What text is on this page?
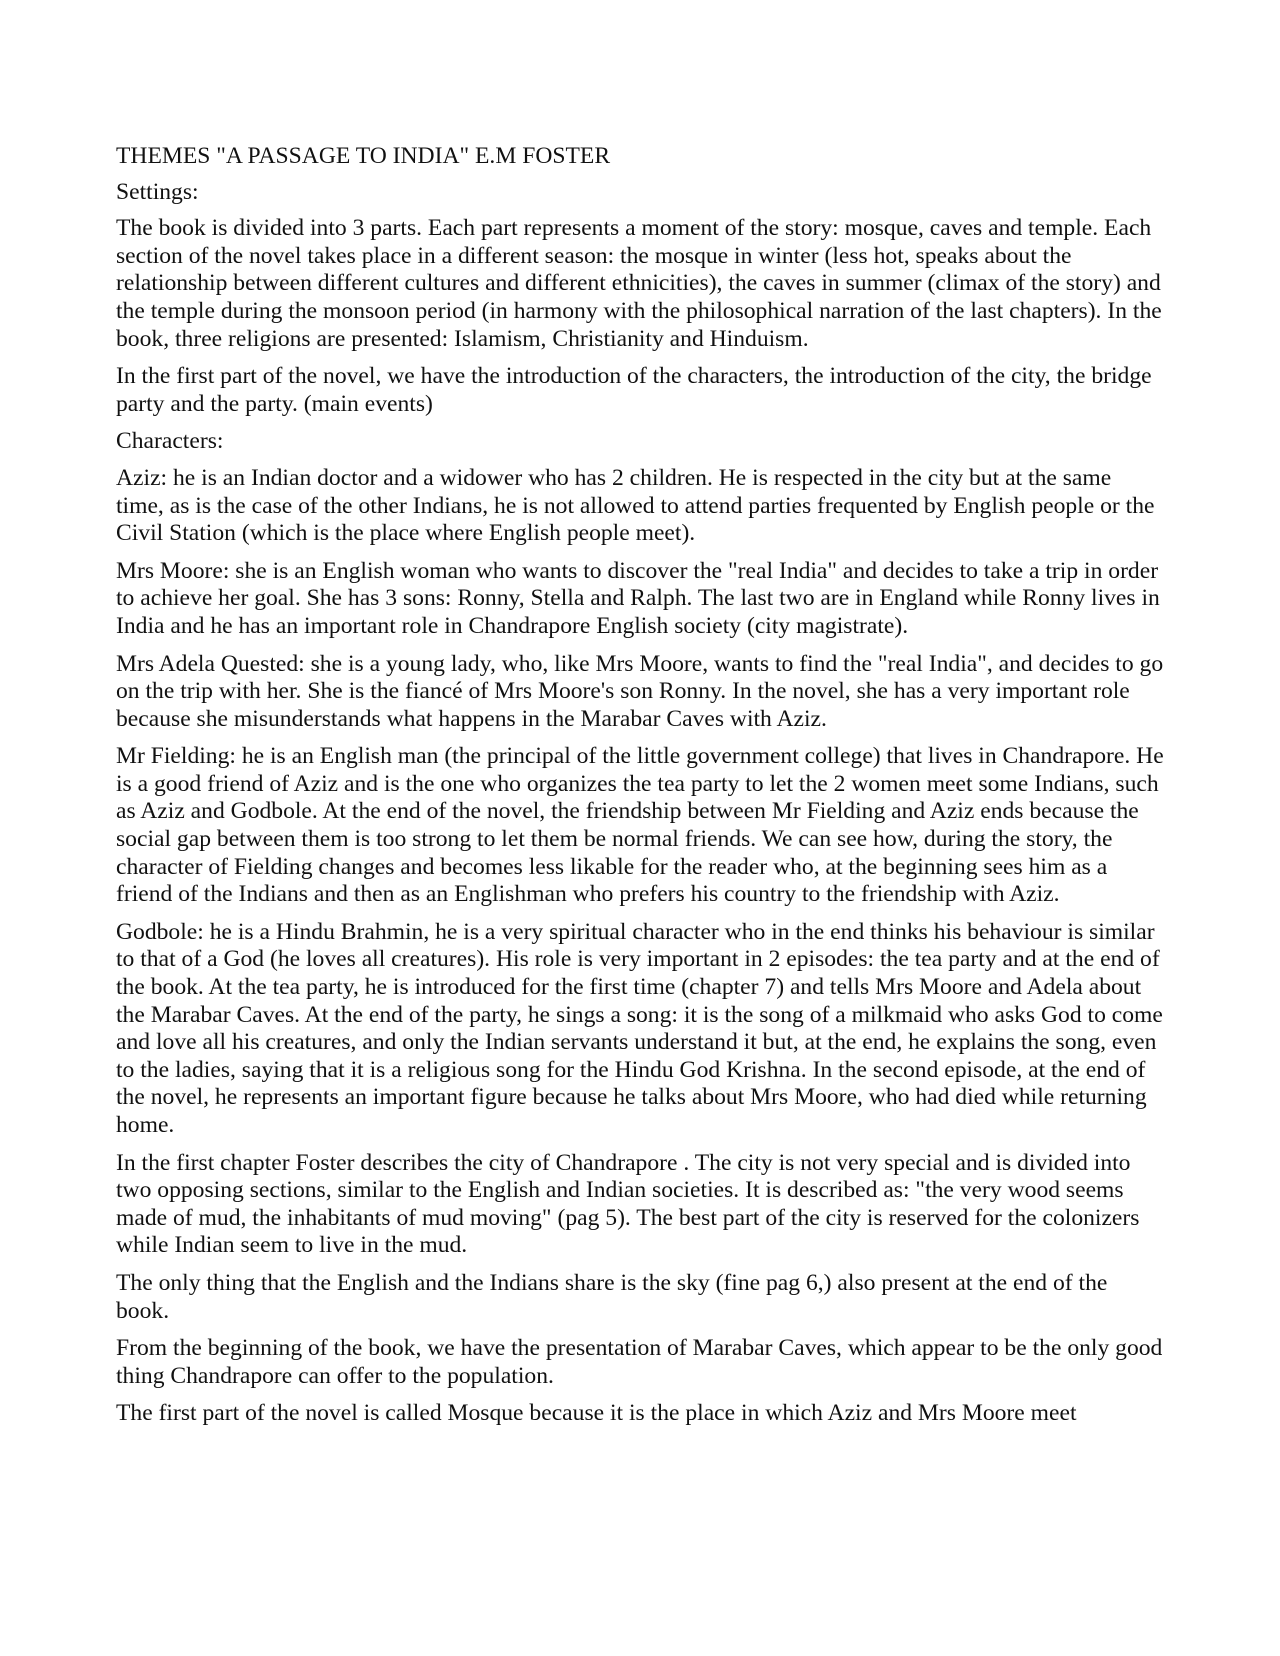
THEMES "A PASSAGE TO INDIA" E.M FOSTER

Settings:

The book is divided into 3 parts. Each part represents a moment of the story: mosque, caves and temple. Each section of the novel takes place in a different season: the mosque in winter (less hot, speaks about the relationship between different cultures and different ethnicities), the caves in summer (climax of the story) and the temple during the monsoon period (in harmony with the philosophical narration of the last chapters). In the book, three religions are presented: Islamism, Christianity and Hinduism.

In the first part of the novel, we have the introduction of the characters, the introduction of the city, the bridge party and the party. (main events)

Characters:

Aziz: he is an Indian doctor and a widower who has 2 children. He is respected in the city but at the same time, as is the case of the other Indians, he is not allowed to attend parties frequented by English people or the Civil Station (which is the place where English people meet).

Mrs Moore: she is an English woman who wants to discover the "real India" and decides to take a trip in order to achieve her goal. She has 3 sons: Ronny, Stella and Ralph. The last two are in England while Ronny lives in India and he has an important role in Chandrapore English society (city magistrate).

Mrs Adela Quested: she is a young lady, who, like Mrs Moore, wants to find the "real India", and decides to go on the trip with her. She is the fiancé of Mrs Moore's son Ronny. In the novel, she has a very important role because she misunderstands what happens in the Marabar Caves with Aziz.

Mr Fielding: he is an English man (the principal of the little government college) that lives in Chandrapore. He is a good friend of Aziz and is the one who organizes the tea party to let the 2 women meet some Indians, such as Aziz and Godbole. At the end of the novel, the friendship between Mr Fielding and Aziz ends because the social gap between them is too strong to let them be normal friends. We can see how, during the story, the character of Fielding changes and becomes less likable for the reader who, at the beginning sees him as a friend of the Indians and then as an Englishman who prefers his country to the friendship with Aziz.

Godbole: he is a Hindu Brahmin, he is a very spiritual character who in the end thinks his behaviour is similar to that of a God (he loves all creatures). His role is very important in 2 episodes: the tea party and at the end of the book. At the tea party, he is introduced for the first time (chapter 7) and tells Mrs Moore and Adela about the Marabar Caves. At the end of the party, he sings a song: it is the song of a milkmaid who asks God to come and love all his creatures, and only the Indian servants understand it but, at the end, he explains the song, even to the ladies, saying that it is a religious song for the Hindu God Krishna. In the second episode, at the end of the novel, he represents an important figure because he talks about Mrs Moore, who had died while returning home.

In the first chapter Foster describes the city of Chandrapore . The city is not very special and is divided into two opposing sections, similar to the English and Indian societies. It is described as: "the very wood seems made of mud, the inhabitants of mud moving" (pag 5). The best part of the city is reserved for the colonizers while Indian seem to live in the mud.

The only thing that the English and the Indians share is the sky (fine pag 6,) also present at the end of the book.

From the beginning of the book, we have the presentation of Marabar Caves, which appear to be the only good thing Chandrapore can offer to the population.

The first part of the novel is called Mosque because it is the place in which Aziz and Mrs Moore meet
